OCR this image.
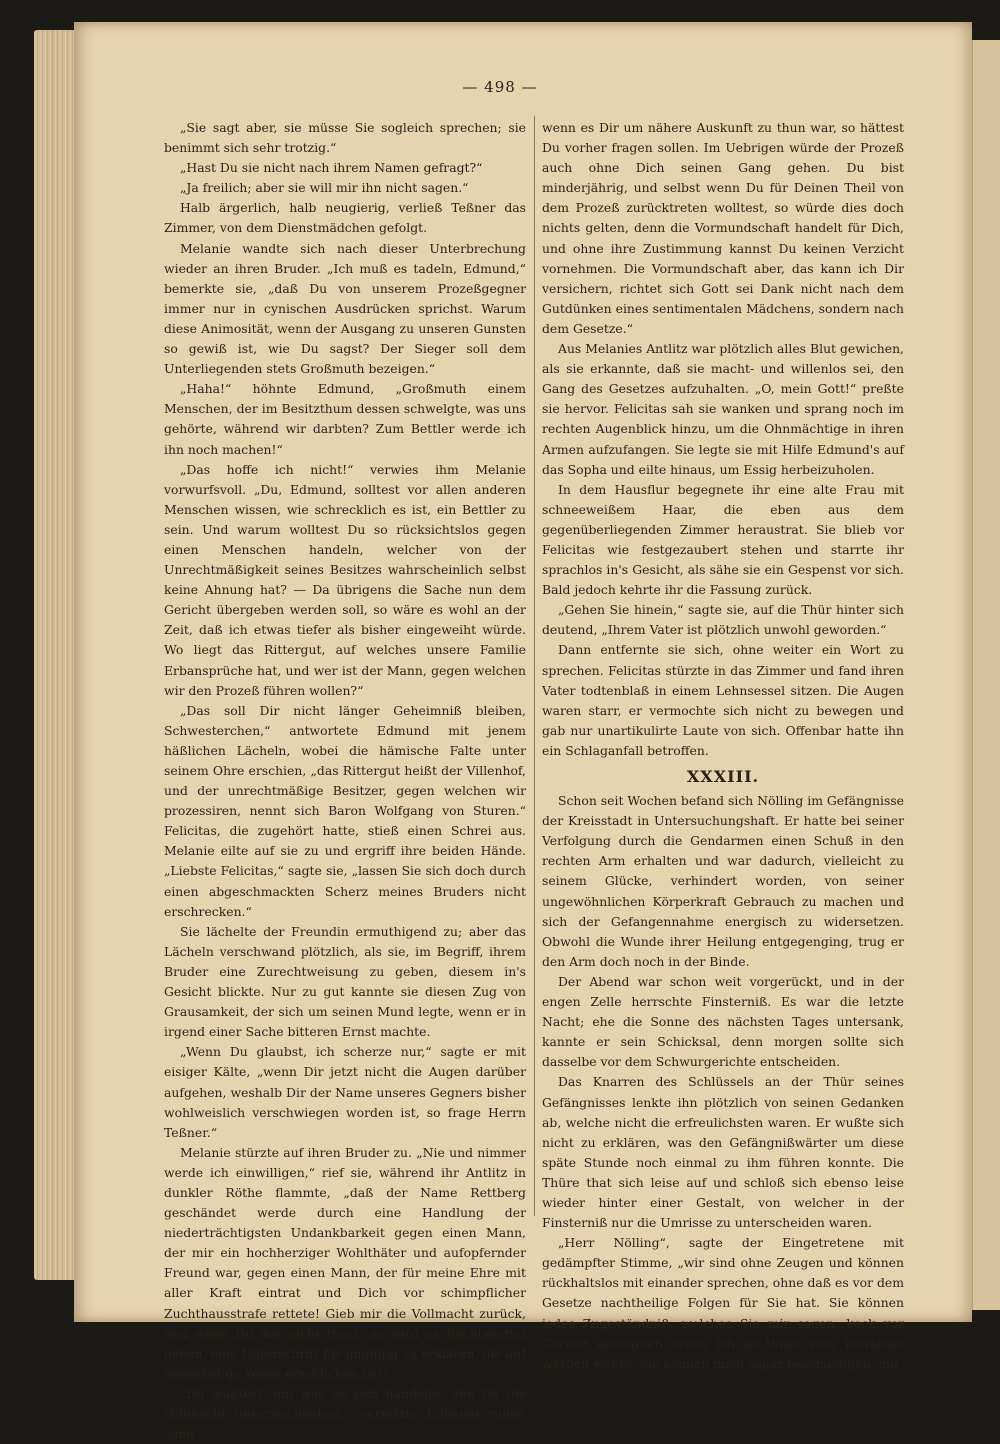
— 498 —

„Sie sagt aber, sie müsse Sie sogleich sprechen; sie benimmt sich sehr trotzig.“

„Hast Du sie nicht nach ihrem Namen gefragt?“

„Ja freilich; aber sie will mir ihn nicht sagen.“

Halb ärgerlich, halb neugierig, verließ Teßner das Zimmer, von dem Dienstmädchen gefolgt.

Melanie wandte sich nach dieser Unterbrechung wieder an ihren Bruder. „Ich muß es tadeln, Edmund,“ bemerkte sie, „daß Du von unserem Prozeßgegner immer nur in cynischen Ausdrücken sprichst. Warum diese Animosität, wenn der Ausgang zu unseren Gunsten so gewiß ist, wie Du sagst? Der Sieger soll dem Unterliegenden stets Großmuth bezeigen.“

„Haha!“ höhnte Edmund, „Großmuth einem Menschen, der im Besitzthum dessen schwelgte, was uns gehörte, während wir darbten? Zum Bettler werde ich ihn noch machen!“

„Das hoffe ich nicht!“ verwies ihm Melanie vorwurfsvoll. „Du, Edmund, solltest vor allen anderen Menschen wissen, wie schrecklich es ist, ein Bettler zu sein. Und warum wolltest Du so rücksichtslos gegen einen Menschen handeln, welcher von der Unrechtmäßigkeit seines Besitzes wahrscheinlich selbst keine Ahnung hat? — Da übrigens die Sache nun dem Gericht übergeben werden soll, so wäre es wohl an der Zeit, daß ich etwas tiefer als bisher eingeweiht würde. Wo liegt das Rittergut, auf welches unsere Familie Erbansprüche hat, und wer ist der Mann, gegen welchen wir den Prozeß führen wollen?“

„Das soll Dir nicht länger Geheimniß bleiben, Schwesterchen,“ antwortete Edmund mit jenem häßlichen Lächeln, wobei die hämische Falte unter seinem Ohre erschien, „das Rittergut heißt der Villenhof, und der unrechtmäßige Besitzer, gegen welchen wir prozessiren, nennt sich Baron Wolfgang von Sturen.“ Felicitas, die zugehört hatte, stieß einen Schrei aus. Melanie eilte auf sie zu und ergriff ihre beiden Hände. „Liebste Felicitas,“ sagte sie, „lassen Sie sich doch durch einen abgeschmackten Scherz meines Bruders nicht erschrecken.“

Sie lächelte der Freundin ermuthigend zu; aber das Lächeln verschwand plötzlich, als sie, im Begriff, ihrem Bruder eine Zurechtweisung zu geben, diesem in's Gesicht blickte. Nur zu gut kannte sie diesen Zug von Grausamkeit, der sich um seinen Mund legte, wenn er in irgend einer Sache bitteren Ernst machte.

„Wenn Du glaubst, ich scherze nur,“ sagte er mit eisiger Kälte, „wenn Dir jetzt nicht die Augen darüber aufgehen, weshalb Dir der Name unseres Gegners bisher wohlweislich verschwiegen worden ist, so frage Herrn Teßner.“

Melanie stürzte auf ihren Bruder zu. „Nie und nimmer werde ich einwilligen,“ rief sie, während ihr Antlitz in dunkler Röthe flammte, „daß der Name Rettberg geschändet werde durch eine Handlung der niederträchtigsten Undankbarkeit gegen einen Mann, der mir ein hochherziger Wohlthäter und aufopfernder Freund war, gegen einen Mann, der für meine Ehre mit aller Kraft eintrat und Dich vor schimpflicher Zuchthausstrafe rettete! Gieb mir die Vollmacht zurück, und wenn Du das nicht thust, so wird es Rechtsmittel geben, eine Unterschrift für ungültig zu erklären, die auf hinterlistige Weise erschlichen ist!“

„Du wußtest, um was es sich handelte, ehe Du die Vollmacht unterzeichnetest,“ versetzte Edmund ruhig, „und

wenn es Dir um nähere Auskunft zu thun war, so hättest Du vorher fragen sollen. Im Uebrigen würde der Prozeß auch ohne Dich seinen Gang gehen. Du bist minderjährig, und selbst wenn Du für Deinen Theil von dem Prozeß zurücktreten wolltest, so würde dies doch nichts gelten, denn die Vormundschaft handelt für Dich, und ohne ihre Zustimmung kannst Du keinen Verzicht vornehmen. Die Vormundschaft aber, das kann ich Dir versichern, richtet sich Gott sei Dank nicht nach dem Gutdünken eines sentimentalen Mädchens, sondern nach dem Gesetze.“

Aus Melanies Antlitz war plötzlich alles Blut gewichen, als sie erkannte, daß sie macht- und willenlos sei, den Gang des Gesetzes aufzuhalten. „O, mein Gott!“ preßte sie hervor. Felicitas sah sie wanken und sprang noch im rechten Augenblick hinzu, um die Ohnmächtige in ihren Armen aufzufangen. Sie legte sie mit Hilfe Edmund's auf das Sopha und eilte hinaus, um Essig herbeizuholen.

In dem Hausflur begegnete ihr eine alte Frau mit schneeweißem Haar, die eben aus dem gegenüberliegenden Zimmer heraustrat. Sie blieb vor Felicitas wie festgezaubert stehen und starrte ihr sprachlos in's Gesicht, als sähe sie ein Gespenst vor sich. Bald jedoch kehrte ihr die Fassung zurück.

„Gehen Sie hinein,“ sagte sie, auf die Thür hinter sich deutend, „Ihrem Vater ist plötzlich unwohl geworden.“

Dann entfernte sie sich, ohne weiter ein Wort zu sprechen. Felicitas stürzte in das Zimmer und fand ihren Vater todtenblaß in einem Lehnsessel sitzen. Die Augen waren starr, er vermochte sich nicht zu bewegen und gab nur unartikulirte Laute von sich. Offenbar hatte ihn ein Schlaganfall betroffen.

XXXIII.

Schon seit Wochen befand sich Nölling im Gefängnisse der Kreisstadt in Untersuchungshaft. Er hatte bei seiner Verfolgung durch die Gendarmen einen Schuß in den rechten Arm erhalten und war dadurch, vielleicht zu seinem Glücke, verhindert worden, von seiner ungewöhnlichen Körperkraft Gebrauch zu machen und sich der Gefangennahme energisch zu widersetzen. Obwohl die Wunde ihrer Heilung entgegenging, trug er den Arm doch noch in der Binde.

Der Abend war schon weit vorgerückt, und in der engen Zelle herrschte Finsterniß. Es war die letzte Nacht; ehe die Sonne des nächsten Tages untersank, kannte er sein Schicksal, denn morgen sollte sich dasselbe vor dem Schwurgerichte entscheiden.

Das Knarren des Schlüssels an der Thür seines Gefängnisses lenkte ihn plötzlich von seinen Gedanken ab, welche nicht die erfreulichsten waren. Er wußte sich nicht zu erklären, was den Gefängnißwärter um diese späte Stunde noch einmal zu ihm führen konnte. Die Thüre that sich leise auf und schloß sich ebenso leise wieder hinter einer Gestalt, von welcher in der Finsterniß nur die Umrisse zu unterscheiden waren.

„Herr Nölling“, sagte der Eingetretene mit gedämpfter Stimme, „wir sind ohne Zeugen und können rückhaltslos mit einander sprechen, ohne daß es vor dem Gesetze nachtheilige Folgen für Sie hat. Sie können jedes Zugeständniß, welches Sie mir sagen, keck vor Gericht ableugnen, wenn ich an Ihnen zum Verräther werden wollte; Sie können mich sogar beschuldigen, mir
